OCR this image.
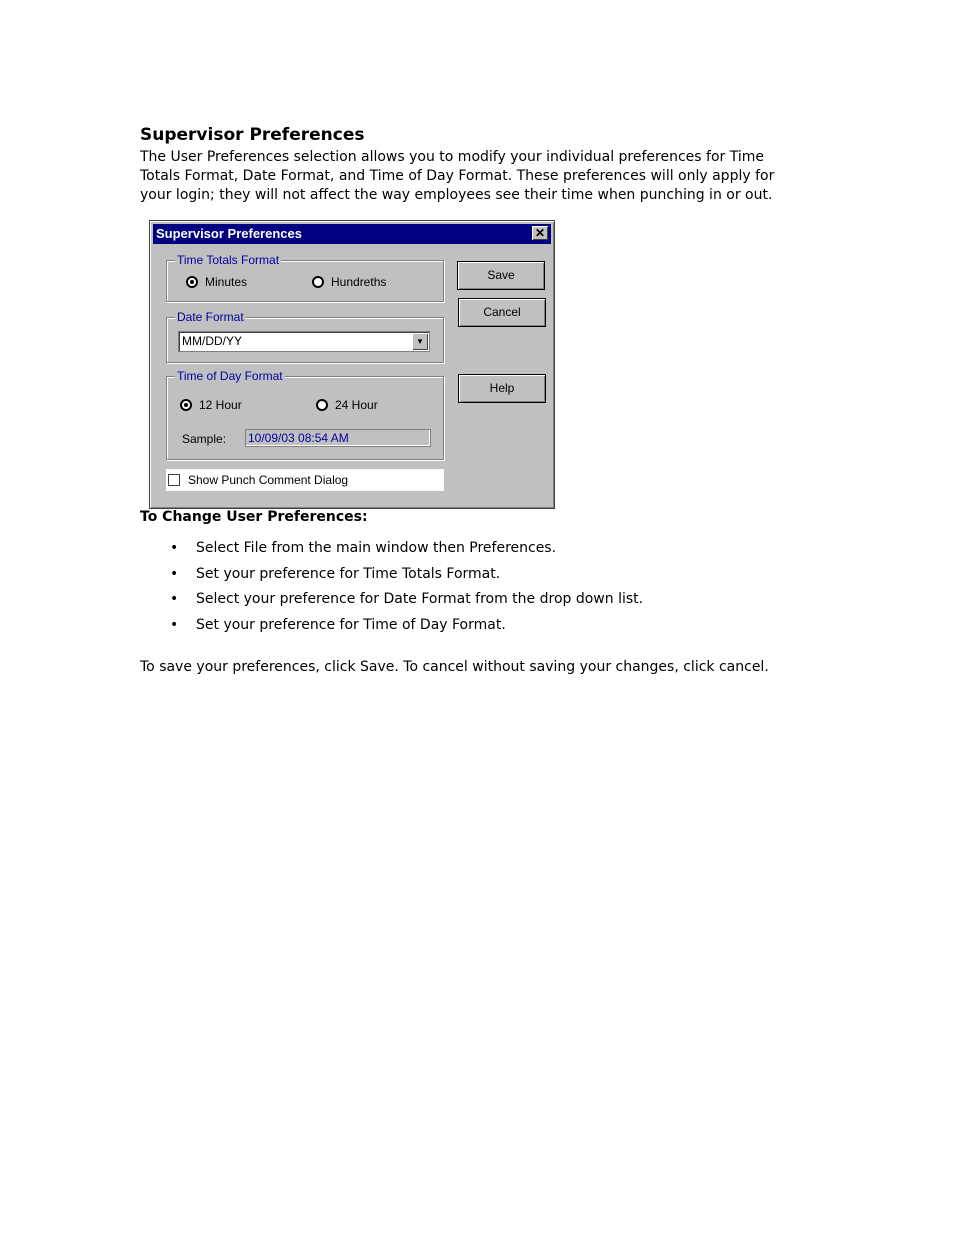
Supervisor Preferences

The User Preferences selection allows you to modify your individual preferences for Time Totals Format, Date Format, and Time of Day Format. These preferences will only apply for your login; they will not affect the way employees see their time when punching in or out.

Supervisor Preferences	✕
Time Totals Format
Minutes	Hundreths
Date Format
MM/DD/YY	▼
Time of Day Format
12 Hour	24 Hour
Sample: 10/09/03 08:54 AM
Show Punch Comment Dialog
Save
Cancel
Help
To Change User Preferences:
• Select File from the main window then Preferences.
• Set your preference for Time Totals Format.
• Select your preference for Date Format from the drop down list.
• Set your preference for Time of Day Format.

To save your preferences, click Save. To cancel without saving your changes, click cancel.
